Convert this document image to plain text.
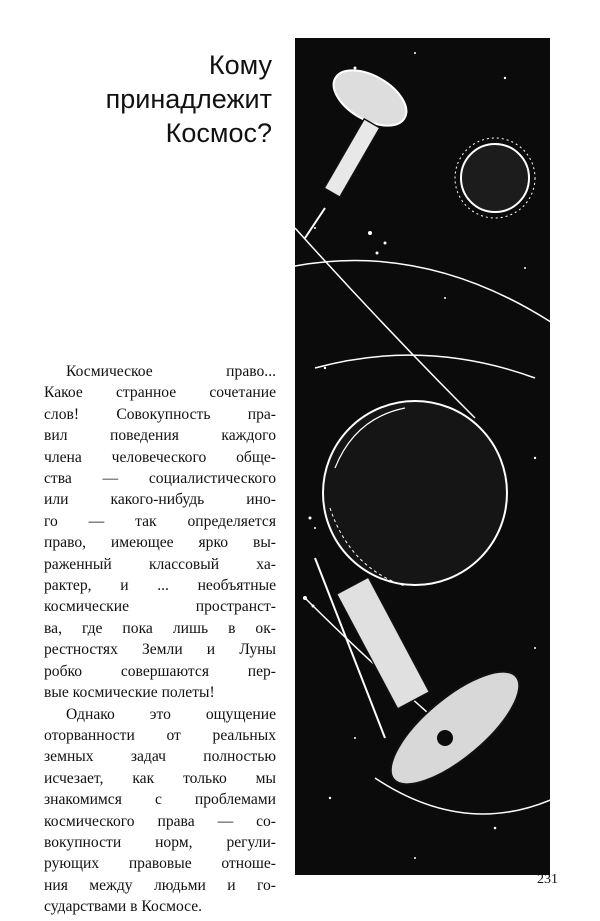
Кому
принадлежит
Космос?
Космическое право...
Какое странное сочетание
слов! Совокупность пра-
вил поведения каждого
члена человеческого обще-
ства — социалистического
или какого-нибудь ино-
го — так определяется
право, имеющее ярко вы-
раженный классовый ха-
рактер, и ... необъятные
космические пространст-
ва, где пока лишь в ок-
рестностях Земли и Луны
робко совершаются пер-
вые космические полеты!
Однако это ощущение
оторванности от реальных
земных задач полностью
исчезает, как только мы
знакомимся с проблемами
космического права — со-
вокупности норм, регули-
рующих правовые отноше-
ния между людьми и го-
сударствами в Космосе.
231
